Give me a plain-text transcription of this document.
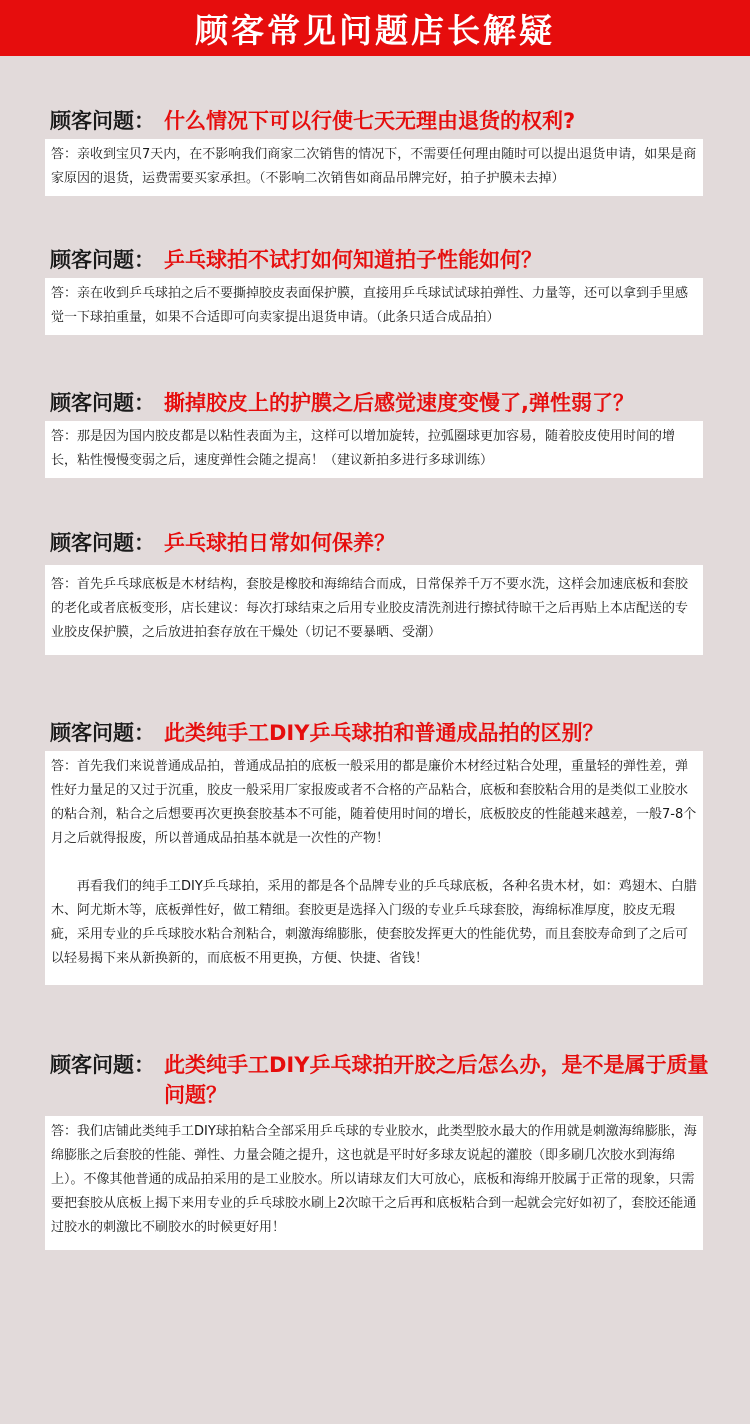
顾客常见问题店长解疑
顾客问题： 什么情况下可以行使七天无理由退货的权利?

答：亲收到宝贝7天内，在不影响我们商家二次销售的情况下，不需要任何理由随时可以提出退货申请，如果是商家原因的退货，运费需要买家承担。（不影响二次销售如商品吊牌完好，拍子护膜未去掉）

顾客问题： 乒乓球拍不试打如何知道拍子性能如何？

答：亲在收到乒乓球拍之后不要撕掉胶皮表面保护膜，直接用乒乓球试试球拍弹性、力量等，还可以拿到手里感觉一下球拍重量，如果不合适即可向卖家提出退货申请。（此条只适合成品拍）

顾客问题： 撕掉胶皮上的护膜之后感觉速度变慢了,弹性弱了？

答：那是因为国内胶皮都是以粘性表面为主，这样可以增加旋转，拉弧圈球更加容易，随着胶皮使用时间的增长，粘性慢慢变弱之后，速度弹性会随之提高！（建议新拍多进行多球训练）

顾客问题： 乒乓球拍日常如何保养？

答：首先乒乓球底板是木材结构，套胶是橡胶和海绵结合而成，日常保养千万不要水洗，这样会加速底板和套胶的老化或者底板变形，店长建议：每次打球结束之后用专业胶皮清洗剂进行擦拭待晾干之后再贴上本店配送的专业胶皮保护膜，之后放进拍套存放在干燥处（切记不要暴晒、受潮）

顾客问题： 此类纯手工DIY乒乓球拍和普通成品拍的区别？

答：首先我们来说普通成品拍，普通成品拍的底板一般采用的都是廉价木材经过粘合处理，重量轻的弹性差，弹性好力量足的又过于沉重，胶皮一般采用厂家报废或者不合格的产品粘合，底板和套胶粘合用的是类似工业胶水的粘合剂，粘合之后想要再次更换套胶基本不可能，随着使用时间的增长，底板胶皮的性能越来越差，一般7-8个月之后就得报废，所以普通成品拍基本就是一次性的产物！

再看我们的纯手工DIY乒乓球拍，采用的都是各个品牌专业的乒乓球底板，各种名贵木材，如：鸡翅木、白腊木、阿尤斯木等，底板弹性好，做工精细。套胶更是选择入门级的专业乒乓球套胶，海绵标准厚度，胶皮无瑕疵，采用专业的乒乓球胶水粘合剂粘合，刺激海绵膨胀，使套胶发挥更大的性能优势，而且套胶寿命到了之后可以轻易揭下来从新换新的，而底板不用更换，方便、快捷、省钱！

顾客问题： 此类纯手工DIY乒乓球拍开胶之后怎么办，是不是属于质量问题？

答：我们店铺此类纯手工DIY球拍粘合全部采用乒乓球的专业胶水，此类型胶水最大的作用就是刺激海绵膨胀，海绵膨胀之后套胶的性能、弹性、力量会随之提升，这也就是平时好多球友说起的灌胶（即多刷几次胶水到海绵上）。不像其他普通的成品拍采用的是工业胶水。所以请球友们大可放心，底板和海绵开胶属于正常的现象，只需要把套胶从底板上揭下来用专业的乒乓球胶水刷上2次晾干之后再和底板粘合到一起就会完好如初了，套胶还能通过胶水的刺激比不刷胶水的时候更好用！
